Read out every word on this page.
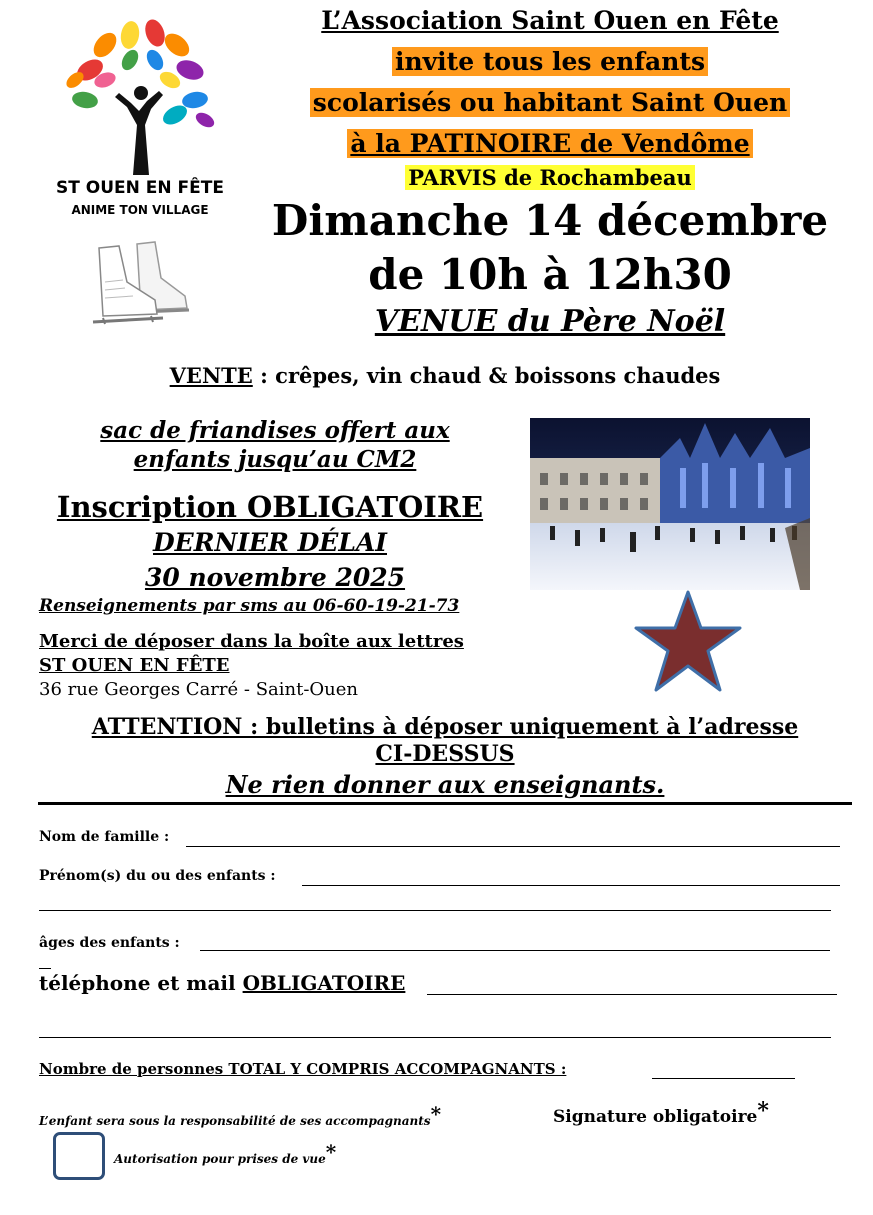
ST OUEN EN FÊTE
ANIME TON VILLAGE
L’Association Saint Ouen en Fête
invite tous les enfants
scolarisés ou habitant Saint Ouen
à la PATINOIRE de Vendôme
PARVIS de Rochambeau
Dimanche 14 décembre
de 10h à 12h30
VENUE du Père Noël
VENTE : crêpes, vin chaud & boissons chaudes
sac de friandises offert aux
enfants jusqu’au CM2
Inscription OBLIGATOIRE
DERNIER DÉLAI
30 novembre 2025
Renseignements par sms au 06-60-19-21-73
Merci de déposer dans la boîte aux lettres
ST OUEN EN FÊTE
36 rue Georges Carré - Saint-Ouen
ATTENTION : bulletins à déposer uniquement à l’adresse
CI-DESSUS
Ne rien donner aux enseignants.
Nom de famille :
Prénom(s) du ou des enfants :
âges des enfants :
téléphone et mail OBLIGATOIRE
Nombre de personnes TOTAL Y COMPRIS ACCOMPAGNANTS :
L’enfant sera sous la responsabilité de ses accompagnants*	Signature obligatoire*
Autorisation pour prises de vue*
